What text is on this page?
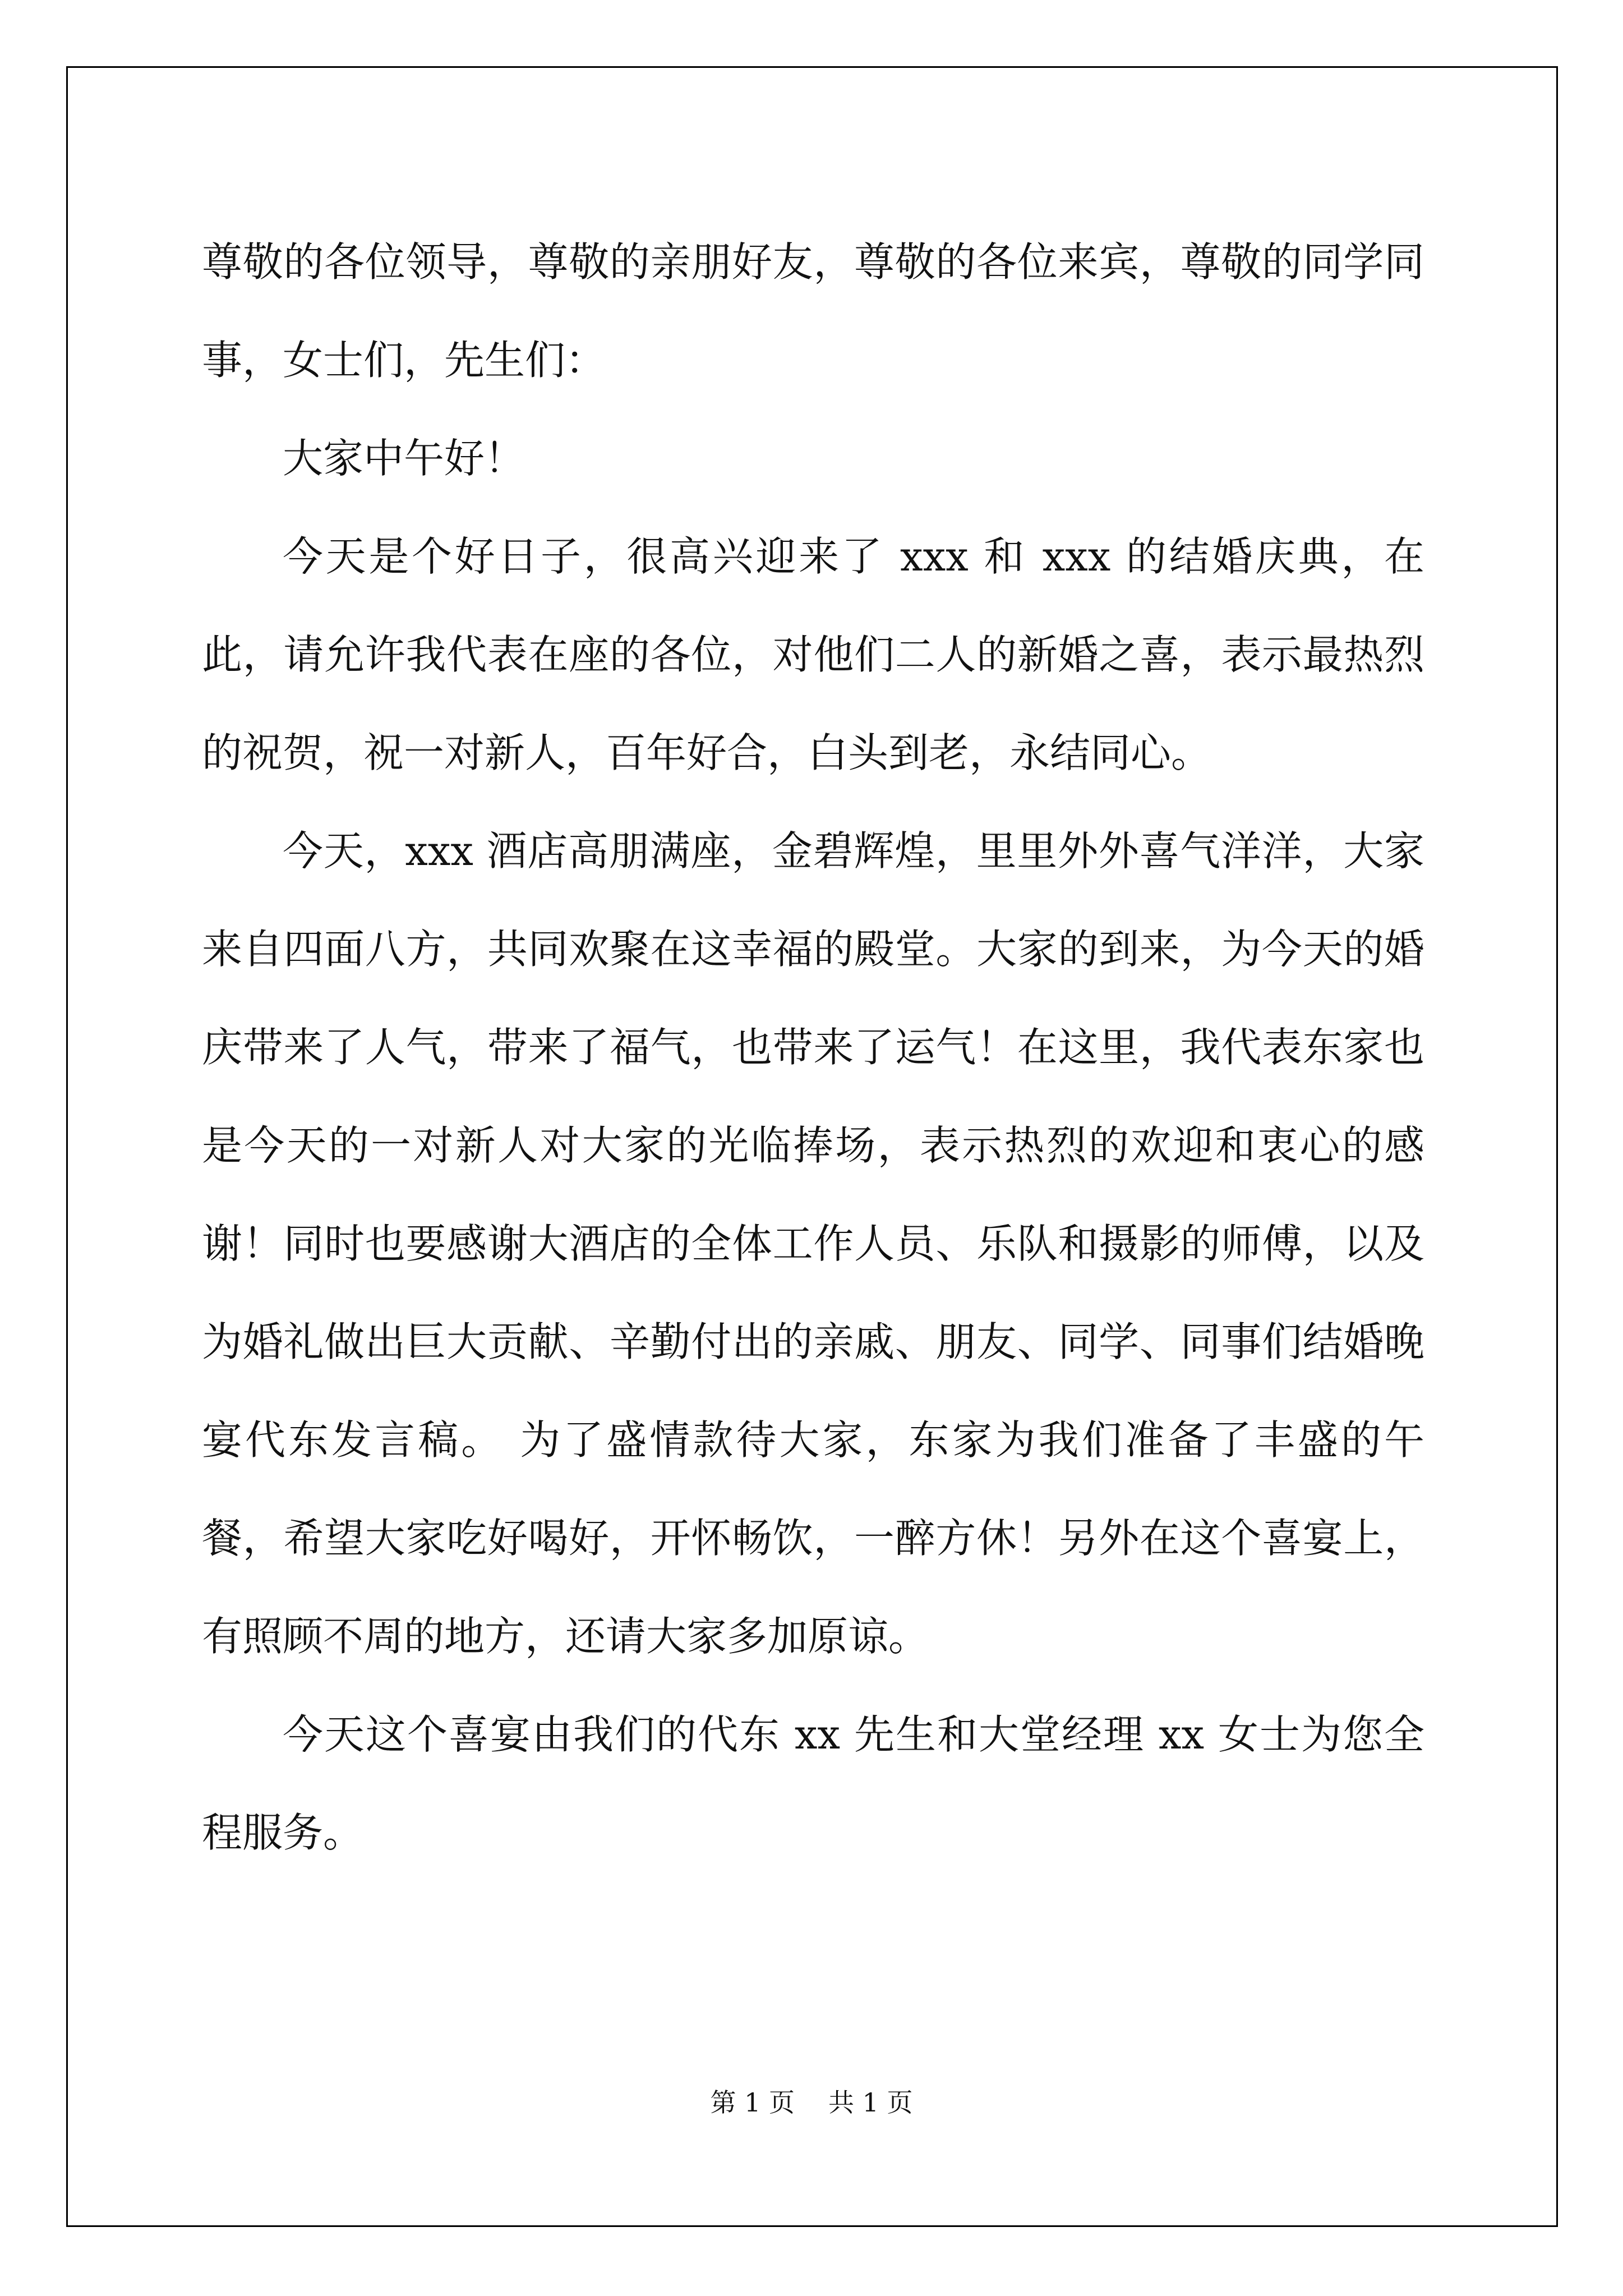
尊敬的各位领导，尊敬的亲朋好友，尊敬的各位来宾，尊敬的同学同事，女士们，先生们：

大家中午好！

今天是个好日子，很高兴迎来了 xxx 和 xxx 的结婚庆典，在此，请允许我代表在座的各位，对他们二人的新婚之喜，表示最热烈的祝贺，祝一对新人，百年好合，白头到老，永结同心。

今天，xxx 酒店高朋满座，金碧辉煌，里里外外喜气洋洋，大家来自四面八方，共同欢聚在这幸福的殿堂。大家的到来，为今天的婚庆带来了人气，带来了福气，也带来了运气！在这里，我代表东家也是今天的一对新人对大家的光临捧场，表示热烈的欢迎和衷心的感谢！同时也要感谢大酒店的全体工作人员、乐队和摄影的师傅，以及为婚礼做出巨大贡献、辛勤付出的亲戚、朋友、同学、同事们结婚晚宴代东发言稿。 为了盛情款待大家，东家为我们准备了丰盛的午餐，希望大家吃好喝好，开怀畅饮，一醉方休！另外在这个喜宴上，有照顾不周的地方，还请大家多加原谅。

今天这个喜宴由我们的代东 xx 先生和大堂经理 xx 女士为您全程服务。

第 1 页 共 1 页
